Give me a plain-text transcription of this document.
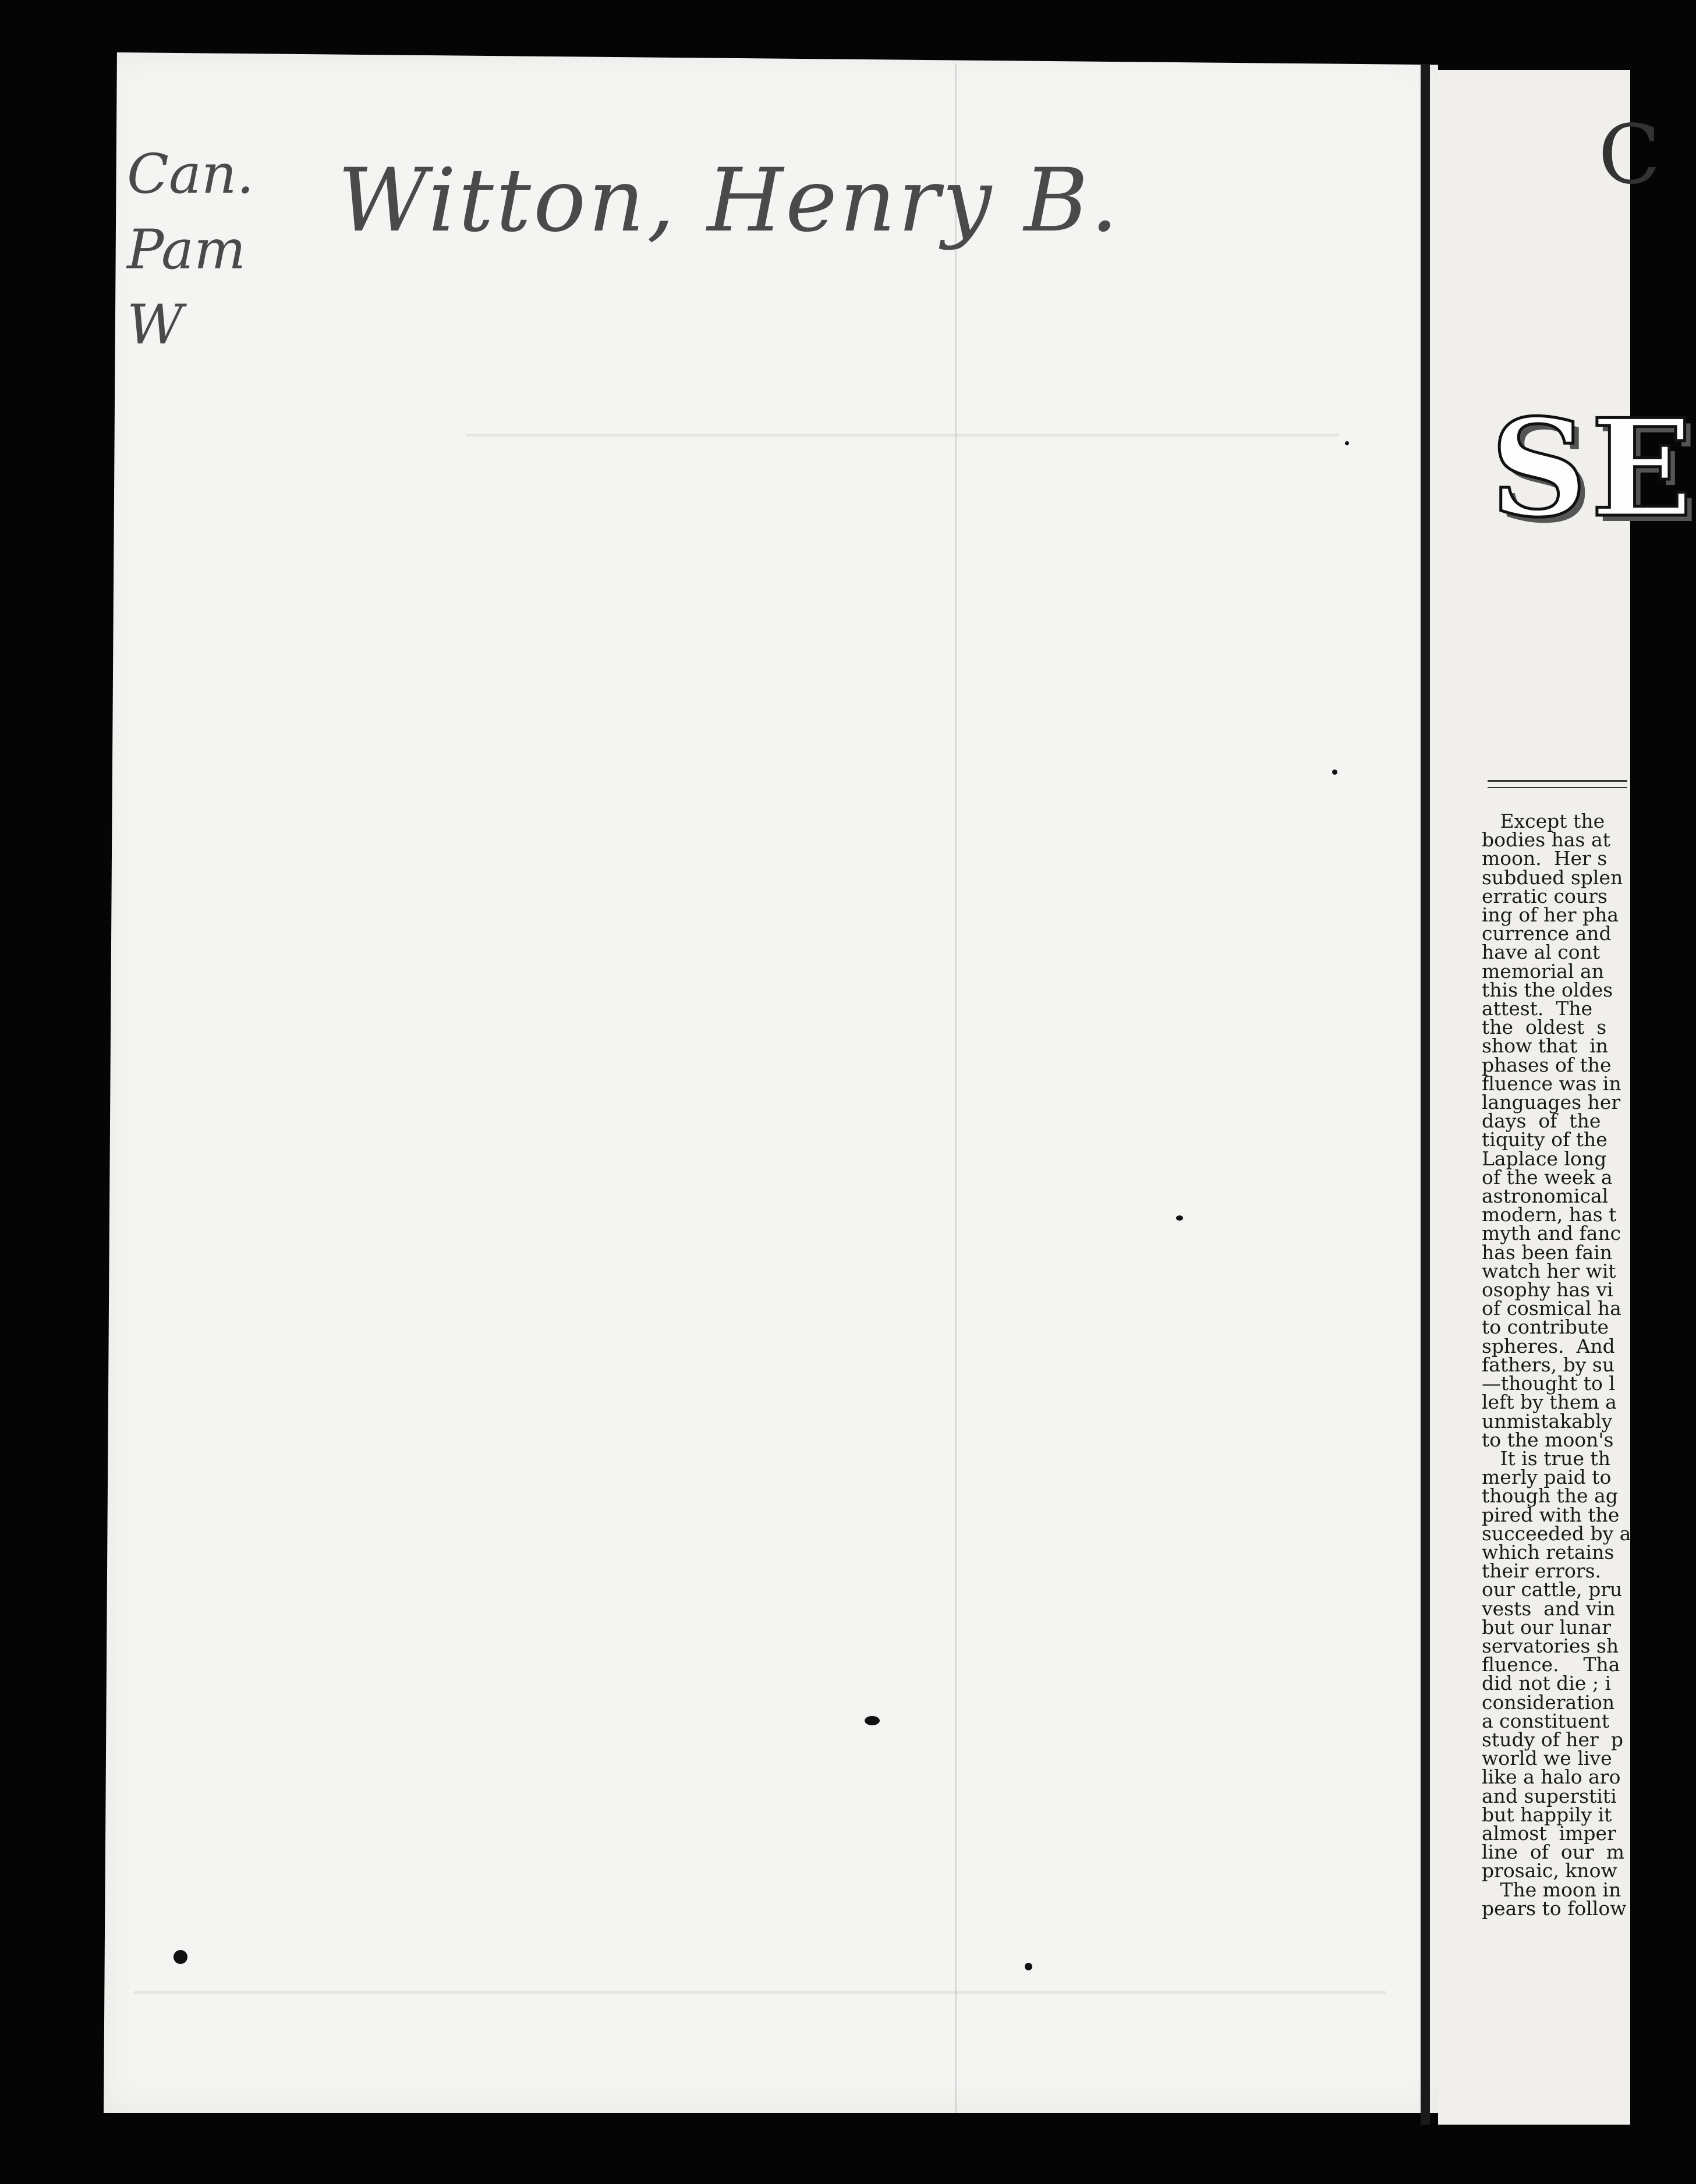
Can.
Pam
W
Witton, Henry B.	C
SE
Except the
bodies has at
moon.  Her s
subdued splen
erratic cours
ing of her pha
currence and
have al cont
memorial an
this the oldes
attest.  The
the  oldest  s
show that  in
phases of the
fluence was in
languages her
days  of  the
tiquity of the
Laplace long
of the week a
astronomical
modern, has t
myth and fanc
has been fain
watch her wit
osophy has vi
of cosmical ha
to contribute
spheres.  And
fathers, by su
—thought to l
left by them a
unmistakably
to the moon's
It is true th
merly paid to
though the ag
pired with the
succeeded by a
which retains
their errors.
our cattle, pru
vests  and vin
but our lunar
servatories sh
fluence.    Tha
did not die ; i
consideration
a constituent
study of her  p
world we live
like a halo aro
and superstiti
but happily it
almost  imper
line  of  our  m
prosaic, know
The moon in
pears to follow
